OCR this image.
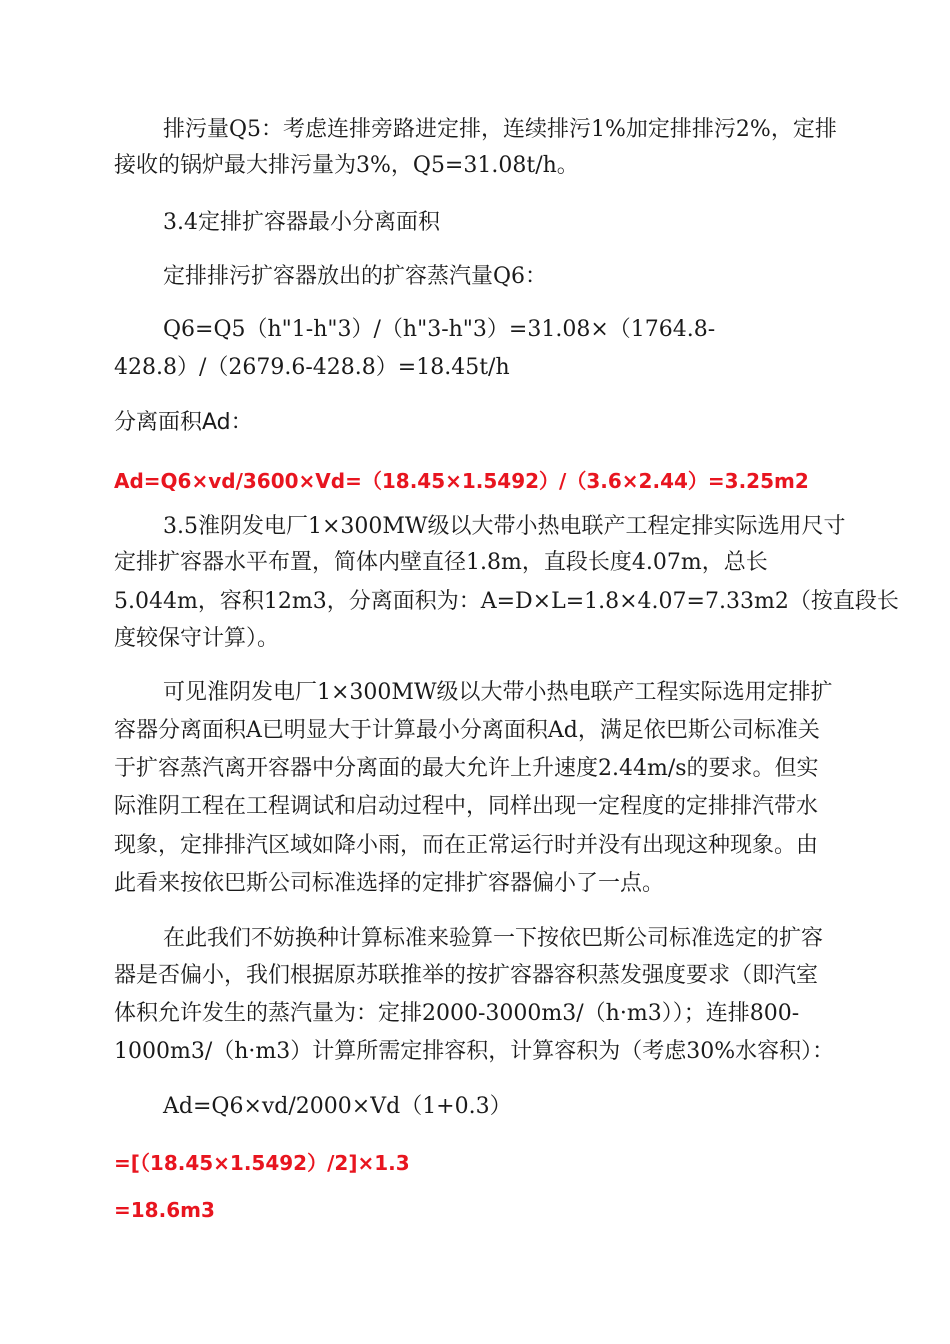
排污量Q5：考虑连排旁路进定排，连续排污1%加定排排污2%，定排
接收的锅炉最大排污量为3%，Q5=31.08t/h。
3.4定排扩容器最小分离面积
定排排污扩容器放出的扩容蒸汽量Q6：
Q6=Q5（h"1-h"3）/（h"3-h"3）=31.08×（1764.8-
428.8）/（2679.6-428.8）=18.45t/h
分离面积Ad：
Ad=Q6×vd/3600×Vd=（18.45×1.5492）/（3.6×2.44）=3.25m2
3.5淮阴发电厂1×300MW级以大带小热电联产工程定排实际选用尺寸
定排扩容器水平布置，简体内壁直径1.8m，直段长度4.07m，总长
5.044m，容积12m3，分离面积为：A=D×L=1.8×4.07=7.33m2（按直段长
度较保守计算）。
可见淮阴发电厂1×300MW级以大带小热电联产工程实际选用定排扩
容器分离面积A已明显大于计算最小分离面积Ad，满足依巴斯公司标准关
于扩容蒸汽离开容器中分离面的最大允许上升速度2.44m/s的要求。但实
际淮阴工程在工程调试和启动过程中，同样出现一定程度的定排排汽带水
现象，定排排汽区域如降小雨，而在正常运行时并没有出现这种现象。由
此看来按依巴斯公司标准选择的定排扩容器偏小了一点。
在此我们不妨换种计算标准来验算一下按依巴斯公司标准选定的扩容
器是否偏小，我们根据原苏联推举的按扩容器容积蒸发强度要求（即汽室
体积允许发生的蒸汽量为：定排2000-3000m3/（h·m3））；连排800-
1000m3/（h·m3）计算所需定排容积，计算容积为（考虑30%水容积）：
Ad=Q6×vd/2000×Vd（1+0.3）
=[（18.45×1.5492）/2]×1.3
=18.6m3
